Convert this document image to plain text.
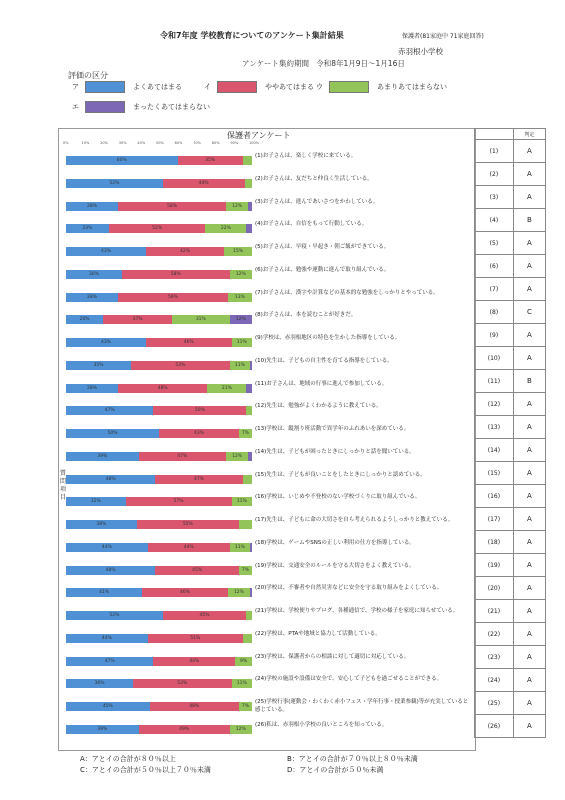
令和7年度 学校教育についてのアンケート集計結果	保護者(81家庭中 71家庭回答)
赤羽根小学校
アンケート集約期間 令和8年1月9日～1月16日
評価の区分
ア	よくあてはまる	イ	ややあてはまる ウ	あまりあてはまらない
エ	まったくあてはまらない
保護者アンケート
0%	10%	20%	30%	40%	50%	60%	70%	80%	90%	100%
質問項目
60%	35%
(1)お子さんは、楽しく学校に来ている。
52%	44%
(2)お子さんは、友だちと仲良く生活している。
28%	58%	12%
(3)お子さんは、進んであいさつをかわしている。
23%	52%	22%
(4)お子さんは、自信をもって行動している。
43%	42%	15%
(5)お子さんは、早寝・早起き・朝ご飯ができている。
30%	58%	12%
(6)お子さんは、勉強や運動に進んで取り組んでいる。
28%	59%	13%
(7)お子さんは、漢字や計算などの基本的な勉強をしっかりとやっている。
20%	37%	31%	12%
(8)お子さんは、本を読むことが好きだ。
43%	46%	11%
(9)学校は、赤羽根地区の特色を生かした指導をしている。
35%	53%	11%
(10)先生は、子どもの自主性を育てる指導をしている。
28%	48%	21%
(11)お子さんは、地域の行事に進んで参加している。
47%	50%
(12)先生は、勉強がよくわかるように教えている。
50%	43%	7%
(13)学校は、縦割り班活動で異学年のふれあいを深めている。
39%	47%	12%
(14)先生は、子どもが困ったときにしっかりと話を聞いている。
48%	47%
(15)先生は、子どもが良いことをしたときにしっかりと認めている。
32%	57%	11%
(16)学校は、いじめや不登校のない学校づくりに取り組んでいる。
38%	55%
(17)先生は、子どもに命の大切さを自ら考えられるようしっかりと教えている。
44%	44%	11%
(18)学校は、ゲームやSNSの正しい利用の仕方を指導している。
48%	45%	7%
(19)学校は、交通安全のルールを守る大切さをよく教えている。
41%	46%	12%
(20)学校は、不審者や自然災害などに安全を守る取り組みをよくしている。
52%	45%
(21)学校は、学校便りやブログ、各種通信で、学校の様子を家庭に知らせている。
44%	51%
(22)学校は、PTAや地域と協力して活動している。
47%	44%	9%
(23)学校は、保護者からの相談に対して適切に対応している。
36%	53%	11%
(24)学校の施設や設備は安全で、安心して子どもを過ごせることができる。
45%	48%	7%
(25)学校行事(運動会・わくわく赤小フェス・学年行事・授業参観)等が充実していると感じている。
39%	49%	12%
(26)私は、赤羽根小学校の良いところを知っている。
	判定
(1)	A
(2)	A
(3)	A
(4)	B
(5)	A
(6)	A
(7)	A
(8)	C
(9)	A
(10)	A
(11)	B
(12)	A
(13)	A
(14)	A
(15)	A
(16)	A
(17)	A
(18)	A
(19)	A
(20)	A
(21)	A
(22)	A
(23)	A
(24)	A
(25)	A
(26)	A
A：アとイの合計が８０％以上	B：アとイの合計が７０％以上８０％未満
C：アとイの合計が５０％以上７０％未満	D：アとイの合計が５０％未満
